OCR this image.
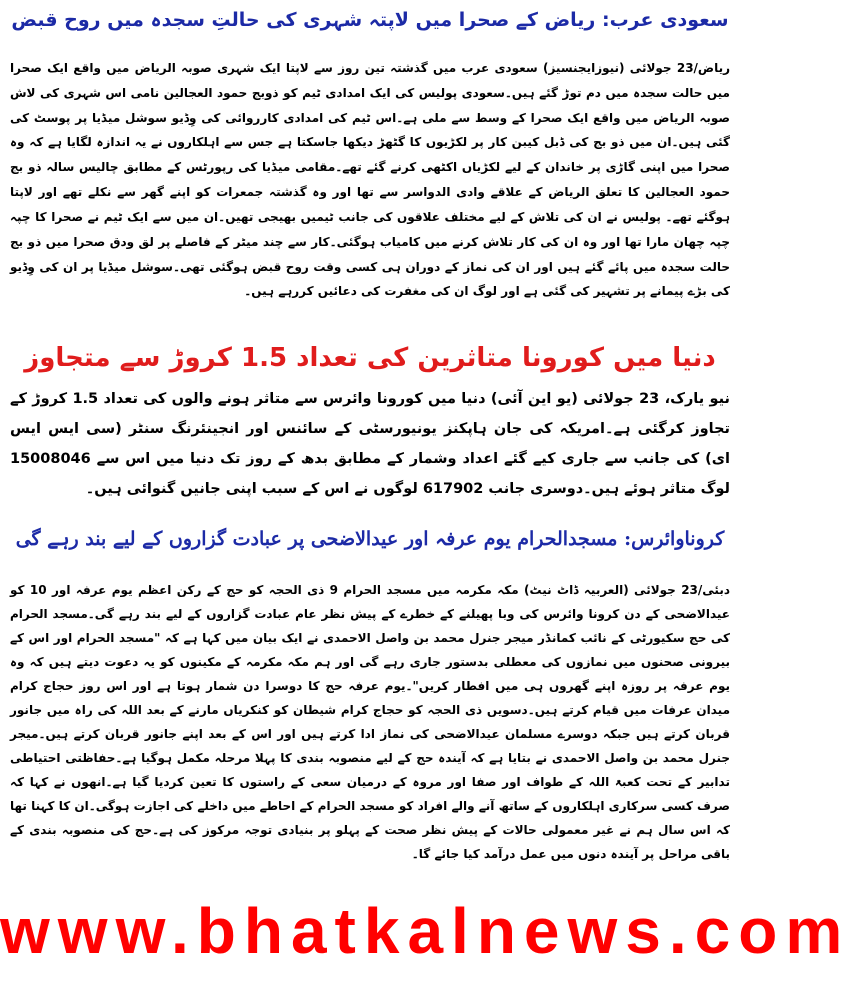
سعودی عرب: ریاض کے صحرا میں لاپتہ شہری کی حالتِ سجدہ میں روح قبض

ریاض/23 جولائی (نیوزایجنسیز) سعودی عرب میں گذشتہ تین روز سے لاپتا ایک شہری صوبہ الریاض میں واقع ایک صحرا میں حالت سجدہ میں دم توڑ گئے ہیں۔سعودی پولیس کی ایک امدادی ٹیم کو ذوبج حمود العجالین نامی اس شہری کی لاش صوبہ الریاض میں واقع ایک صحرا کے وسط سے ملی ہے۔اس ٹیم کی امدادی کارروائی کی وِڈیو سوشل میڈیا پر پوسٹ کی گئی ہیں۔ان میں ذو بج کی ڈبل کیبن کار پر لکڑیوں کا گٹھڑ دیکھا جاسکتا ہے جس سے اہلکاروں نے یہ اندازہ لگایا ہے کہ وہ صحرا میں اپنی گاڑی پر خاندان کے لیے لکڑیاں اکٹھی کرنے گئے تھے۔مقامی میڈیا کی رپورٹس کے مطابق چالیس سالہ ذو بج حمود العجالین کا تعلق الریاض کے علاقے وادی الدواسر سے تھا اور وہ گذشتہ جمعرات کو اپنے گھر سے نکلے تھے اور لاپتا ہوگئے تھے۔ پولیس نے ان کی تلاش کے لیے مختلف علاقوں کی جانب ٹیمیں بھیجی تھیں۔ان میں سے ایک ٹیم نے صحرا کا چپہ چپہ چھان مارا تھا اور وہ ان کی کار تلاش کرنے میں کامیاب ہوگئی۔کار سے چند میٹر کے فاصلے پر لق ودق صحرا میں ذو بج حالت سجدہ میں پائے گئے ہیں اور ان کی نماز کے دوران ہی کسی وقت روح قبض ہوگئی تھی۔سوشل میڈیا پر ان کی وِڈیو کی بڑے پیمانے پر تشہیر کی گئی ہے اور لوگ ان کی مغفرت کی دعائیں کررہے ہیں۔

دنیا میں کورونا متاثرین کی تعداد 1.5 کروڑ سے متجاوز

نیو یارک، 23 جولائی (یو این آئی) دنیا میں کورونا وائرس سے متاثر ہونے والوں کی تعداد 1.5 کروڑ کے تجاوز کرگئی ہے۔امریکہ کی جان ہاپکنز یونیورسٹی کے سائنس اور انجینئرنگ سنٹر (سی ایس ایس ای) کی جانب سے جاری کیے گئے اعداد وشمار کے مطابق بدھ کے روز تک دنیا میں اس سے 15008046 لوگ متاثر ہوئے ہیں۔دوسری جانب 617902 لوگوں نے اس کے سبب اپنی جانیں گنوائی ہیں۔

کروناوائرس: مسجدالحرام یوم عرفہ اور عیدالاضحی پر عبادت گزاروں کے لیے بند رہے گی

دبئی/23 جولائی (العربیہ ڈاٹ نیٹ) مکہ مکرمہ میں مسجد الحرام 9 ذی الحجہ کو حج کے رکن اعظم یوم عرفہ اور 10 کو عیدالاضحی کے دن کرونا وائرس کی وبا پھیلنے کے خطرے کے پیش نظر عام عبادت گزاروں کے لیے بند رہے گی۔مسجد الحرام کی حج سکیورٹی کے نائب کمانڈر میجر جنرل محمد بن واصل الاحمدی نے ایک بیان میں کہا ہے کہ "مسجد الحرام اور اس کے بیرونی صحنوں میں نمازوں کی معطلی بدستور جاری رہے گی اور ہم مکہ مکرمہ کے مکینوں کو یہ دعوت دیتے ہیں کہ وہ یوم عرفہ پر روزہ اپنے گھروں ہی میں افطار کریں"۔یوم عرفہ حج کا دوسرا دن شمار ہوتا ہے اور اس روز حجاج کرام میدان عرفات میں قیام کرتے ہیں۔دسویں ذی الحجہ کو حجاج کرام شیطان کو کنکریاں مارنے کے بعد اللہ کی راہ میں جانور قربان کرتے ہیں جبکہ دوسرے مسلمان عیدالاضحی کی نماز ادا کرتے ہیں اور اس کے بعد اپنے جانور قربان کرتے ہیں۔میجر جنرل محمد بن واصل الاحمدی نے بتایا ہے کہ آیندہ حج کے لیے منصوبہ بندی کا پہلا مرحلہ مکمل ہوگیا ہے۔حفاظتی احتیاطی تدابیر کے تحت کعبۃ اللہ کے طواف اور صفا اور مروہ کے درمیان سعی کے راستوں کا تعین کردیا گیا ہے۔انھوں نے کہا کہ صرف کسی سرکاری اہلکاروں کے ساتھ آنے والے افراد کو مسجد الحرام کے احاطے میں داخلے کی اجازت ہوگی۔ان کا کہنا تھا کہ اس سال ہم نے غیر معمولی حالات کے پیش نظر صحت کے پہلو پر بنیادی توجہ مرکوز کی ہے۔حج کی منصوبہ بندی کے باقی مراحل پر آیندہ دنوں میں عمل درآمد کیا جائے گا۔

www.bhatkalnews.com
